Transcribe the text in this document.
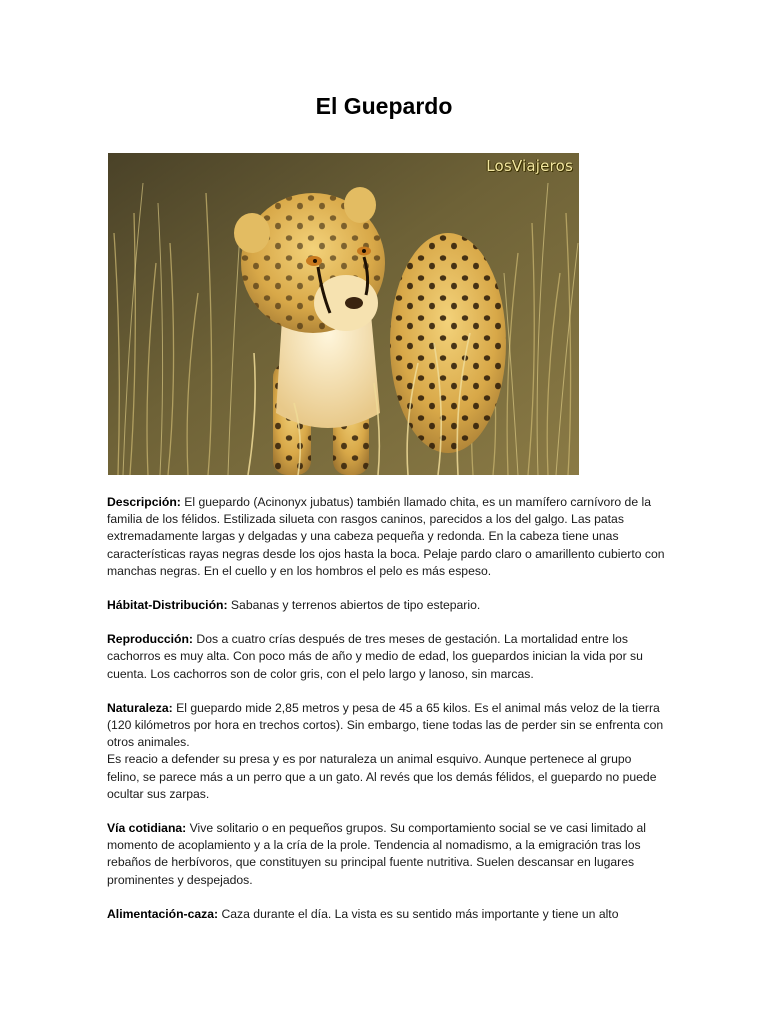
El Guepardo
LosViajeros

Descripción: El guepardo (Acinonyx jubatus) también llamado chita, es un mamífero carnívoro de la familia de los félidos. Estilizada silueta con rasgos caninos, parecidos a los del galgo. Las patas extremadamente largas y delgadas y una cabeza pequeña y redonda. En la cabeza tiene unas características rayas negras desde los ojos hasta la boca. Pelaje pardo claro o amarillento cubierto con manchas negras. En el cuello y en los hombros el pelo es más espeso.

Hábitat-Distribución: Sabanas y terrenos abiertos de tipo estepario.

Reproducción: Dos a cuatro crías después de tres meses de gestación. La mortalidad entre los cachorros es muy alta. Con poco más de año y medio de edad, los guepardos inician la vida por su cuenta. Los cachorros son de color gris, con el pelo largo y lanoso, sin marcas.

Naturaleza: El guepardo mide 2,85 metros y pesa de 45 a 65 kilos. Es el animal más veloz de la tierra (120 kilómetros por hora en trechos cortos). Sin embargo, tiene todas las de perder sin se enfrenta con otros animales.
Es reacio a defender su presa y es por naturaleza un animal esquivo. Aunque pertenece al grupo felino, se parece más a un perro que a un gato. Al revés que los demás félidos, el guepardo no puede ocultar sus zarpas.

Vía cotidiana: Vive solitario o en pequeños grupos. Su comportamiento social se ve casi limitado al momento de acoplamiento y a la cría de la prole. Tendencia al nomadismo, a la emigración tras los rebaños de herbívoros, que constituyen su principal fuente nutritiva. Suelen descansar en lugares prominentes y despejados.

Alimentación-caza: Caza durante el día. La vista es su sentido más importante y tiene un alto
